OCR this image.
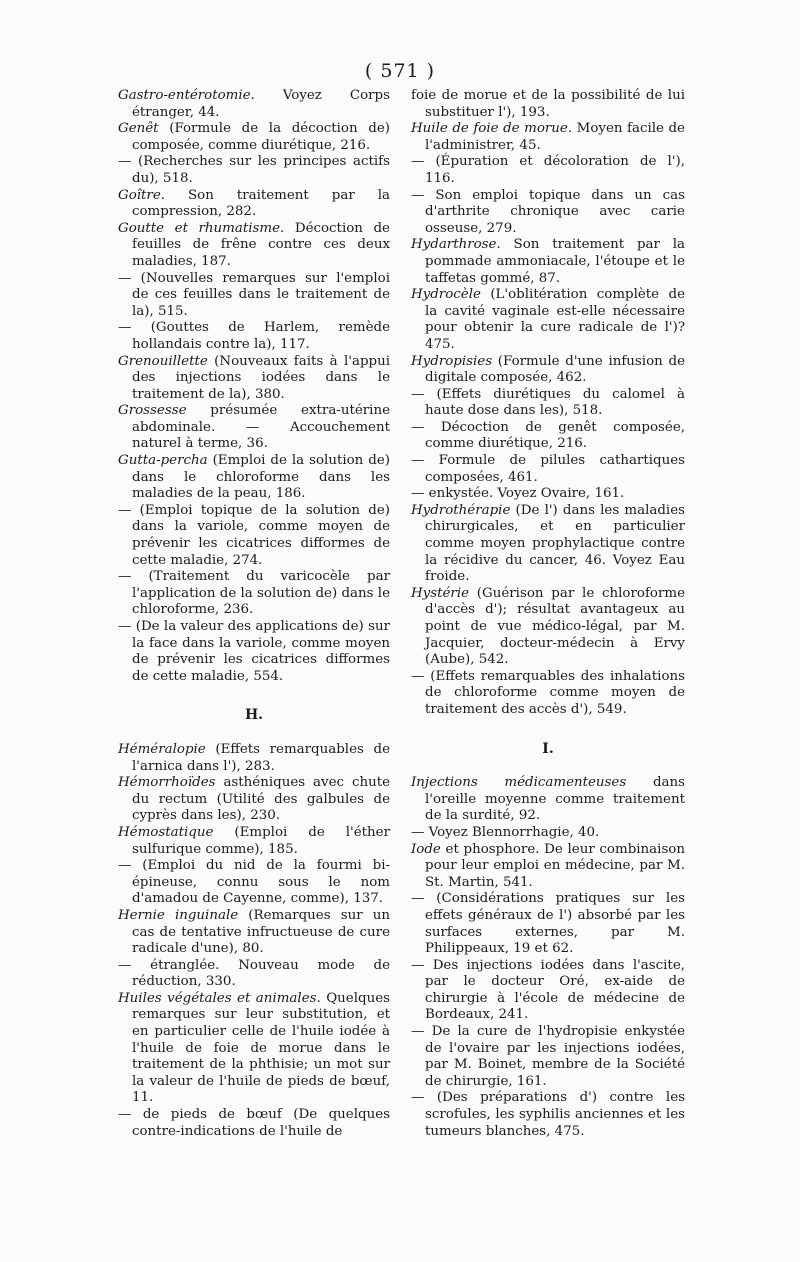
( 571 )

Gastro-entérotomie. Voyez Corps étranger, 44.

Genêt (Formule de la décoction de) composée, comme diurétique, 216.

— (Recherches sur les principes actifs du), 518.

Goître. Son traitement par la compression, 282.

Goutte et rhumatisme. Décoction de feuilles de frêne contre ces deux maladies, 187.

— (Nouvelles remarques sur l'emploi de ces feuilles dans le traitement de la), 515.

— (Gouttes de Harlem, remède hollandais contre la), 117.

Grenouillette (Nouveaux faits à l'appui des injections iodées dans le traitement de la), 380.

Grossesse présumée extra-utérine abdominale. — Accouchement naturel à terme, 36.

Gutta-percha (Emploi de la solution de) dans le chloroforme dans les maladies de la peau, 186.

— (Emploi topique de la solution de) dans la variole, comme moyen de prévenir les cicatrices difformes de cette maladie, 274.

— (Traitement du varicocèle par l'application de la solution de) dans le chloroforme, 236.

— (De la valeur des applications de) sur la face dans la variole, comme moyen de prévenir les cicatrices difformes de cette maladie, 554.

H.

Héméralopie (Effets remarquables de l'arnica dans l'), 283.

Hémorrhoïdes asthéniques avec chute du rectum (Utilité des galbules de cyprès dans les), 230.

Hémostatique (Emploi de l'éther sulfurique comme), 185.

— (Emploi du nid de la fourmi bi-épineuse, connu sous le nom d'amadou de Cayenne, comme), 137.

Hernie inguinale (Remarques sur un cas de tentative infructueuse de cure radicale d'une), 80.

— étranglée. Nouveau mode de réduction, 330.

Huiles végétales et animales. Quelques remarques sur leur substitution, et en particulier celle de l'huile iodée à l'huile de foie de morue dans le traitement de la phthisie; un mot sur la valeur de l'huile de pieds de bœuf, 11.

— de pieds de bœuf (De quelques contre-indications de l'huile de

foie de morue et de la possibilité de lui substituer l'), 193.

Huile de foie de morue. Moyen facile de l'administrer, 45.

— (Épuration et décoloration de l'), 116.

— Son emploi topique dans un cas d'arthrite chronique avec carie osseuse, 279.

Hydarthrose. Son traitement par la pommade ammoniacale, l'étoupe et le taffetas gommé, 87.

Hydrocèle (L'oblitération complète de la cavité vaginale est-elle nécessaire pour obtenir la cure radicale de l')? 475.

Hydropisies (Formule d'une infusion de digitale composée, 462.

— (Effets diurétiques du calomel à haute dose dans les), 518.

— Décoction de genêt composée, comme diurétique, 216.

— Formule de pilules cathartiques composées, 461.

— enkystée. Voyez Ovaire, 161.

Hydrothérapie (De l') dans les maladies chirurgicales, et en particulier comme moyen prophylactique contre la récidive du cancer, 46. Voyez Eau froide.

Hystérie (Guérison par le chloroforme d'accès d'); résultat avantageux au point de vue médico-légal, par M. Jacquier, docteur-médecin à Ervy (Aube), 542.

— (Effets remarquables des inhalations de chloroforme comme moyen de traitement des accès d'), 549.

I.

Injections médicamenteuses dans l'oreille moyenne comme traitement de la surdité, 92.

— Voyez Blennorrhagie, 40.

Iode et phosphore. De leur combinaison pour leur emploi en médecine, par M. St. Martin, 541.

— (Considérations pratiques sur les effets généraux de l') absorbé par les surfaces externes, par M. Philippeaux, 19 et 62.

— Des injections iodées dans l'ascite, par le docteur Oré, ex-aide de chirurgie à l'école de médecine de Bordeaux, 241.

— De la cure de l'hydropisie enkystée de l'ovaire par les injections iodées, par M. Boinet, membre de la Société de chirurgie, 161.

— (Des préparations d') contre les scrofules, les syphilis anciennes et les tumeurs blanches, 475.
